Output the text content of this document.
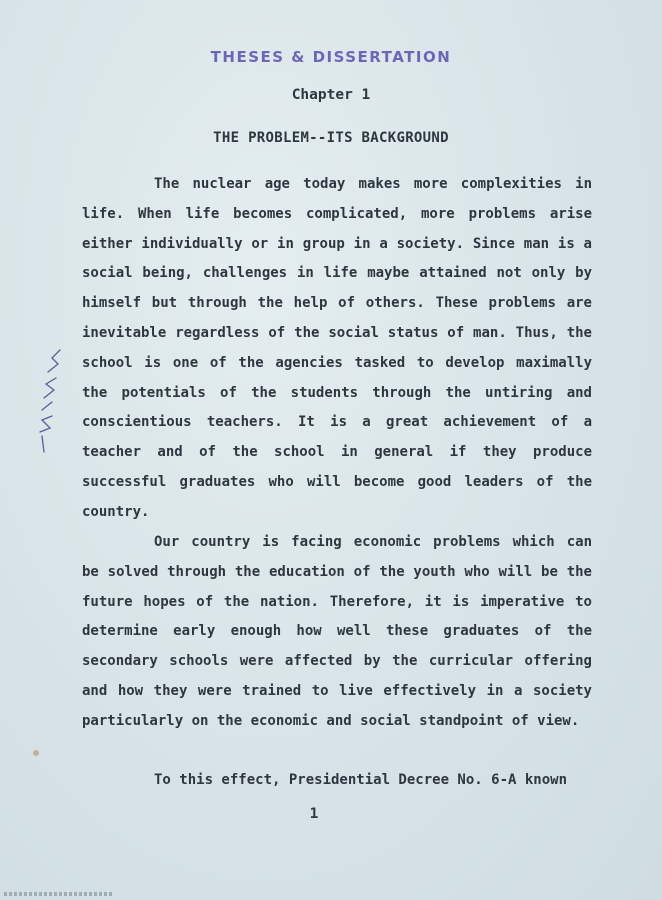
THESES & DISSERTATION
Chapter 1
THE PROBLEM--ITS BACKGROUND

The nuclear age today makes more complexities in life. When life becomes complicated, more problems arise either individually or in group in a society. Since man is a social being, challenges in life maybe attained not only by himself but through the help of others. These problems are inevitable regardless of the social status of man. Thus, the school is one of the agencies tasked to develop maximally the potentials of the students through the untiring and conscientious teachers. It is a great achievement of a teacher and of the school in general if they produce successful graduates who will become good leaders of the country.

Our country is facing economic problems which can be solved through the education of the youth who will be the future hopes of the nation. Therefore, it is imperative to determine early enough how well these graduates of the secondary schools were affected by the curricular offering and how they were trained to live effectively in a society particularly on the economic and social standpoint of view.

To this effect, Presidential Decree No. 6-A known

1
